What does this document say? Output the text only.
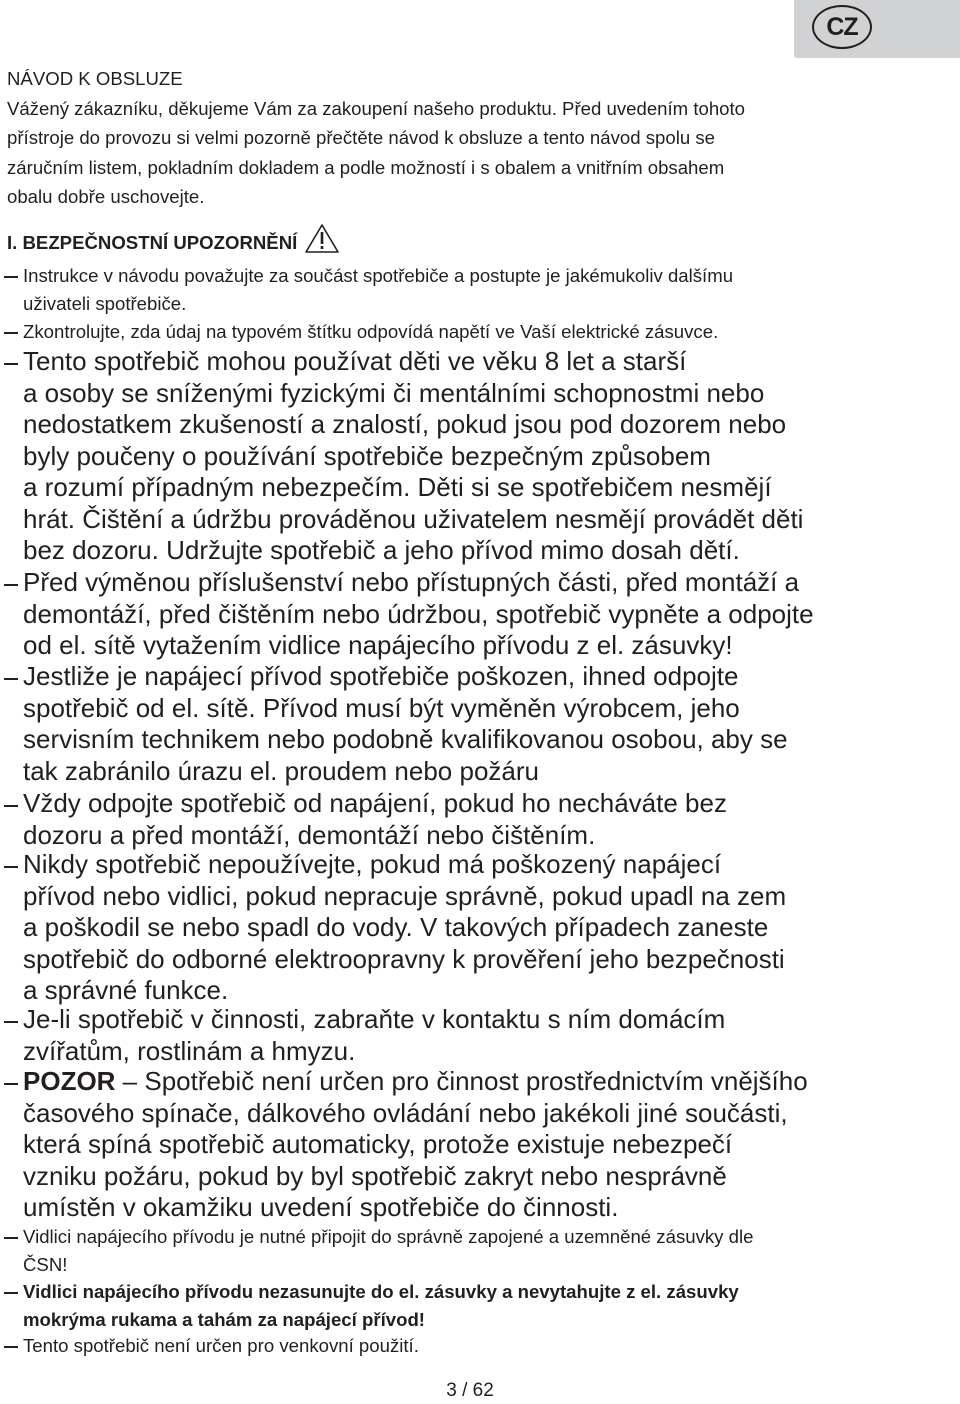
CZ

NÁVOD K OBSLUZE

Vážený zákazníku, děkujeme Vám za zakoupení našeho produktu. Před uvedením tohoto

přístroje do provozu si velmi pozorně přečtěte návod k obsluze a tento návod spolu se

záručním listem, pokladním dokladem a podle možností i s obalem a vnitřním obsahem

obalu dobře uschovejte.

I. BEZPEČNOSTNÍ UPOZORNĚNÍ
Instrukce v návodu považujte za součást spotřebiče a postupte je jakémukoliv dalšímu
uživateli spotřebiče.
Zkontrolujte, zda údaj na typovém štítku odpovídá napětí ve Vaší elektrické zásuvce.
Tento spotřebič mohou používat děti ve věku 8 let a starší
a osoby se sníženými fyzickými či mentálními schopnostmi nebo
nedostatkem zkušeností a znalostí, pokud jsou pod dozorem nebo
byly poučeny o používání spotřebiče bezpečným způsobem
a rozumí případným nebezpečím. Děti si se spotřebičem nesmějí
hrát. Čištění a údržbu prováděnou uživatelem nesmějí provádět děti
bez dozoru. Udržujte spotřebič a jeho přívod mimo dosah dětí.
Před výměnou příslušenství nebo přístupných části, před montáží a
demontáží, před čištěním nebo údržbou, spotřebič vypněte a odpojte
od el. sítě vytažením vidlice napájecího přívodu z el. zásuvky!
Jestliže je napájecí přívod spotřebiče poškozen, ihned odpojte
spotřebič od el. sítě. Přívod musí být vyměněn výrobcem, jeho
servisním technikem nebo podobně kvalifikovanou osobou, aby se
tak zabránilo úrazu el. proudem nebo požáru
Vždy odpojte spotřebič od napájení, pokud ho necháváte bez
dozoru a před montáží, demontáží nebo čištěním.
Nikdy spotřebič nepoužívejte, pokud má poškozený napájecí
přívod nebo vidlici, pokud nepracuje správně, pokud upadl na zem
a poškodil se nebo spadl do vody. V takových případech zaneste
spotřebič do odborné elektroopravny k prověření jeho bezpečnosti
a správné funkce.
Je-li spotřebič v činnosti, zabraňte v kontaktu s ním domácím
zvířatům, rostlinám a hmyzu.
POZOR – Spotřebič není určen pro činnost prostřednictvím vnějšího
časového spínače, dálkového ovládání nebo jakékoli jiné součásti,
která spíná spotřebič automaticky, protože existuje nebezpečí
vzniku požáru, pokud by byl spotřebič zakryt nebo nesprávně
umístěn v okamžiku uvedení spotřebiče do činnosti.
Vidlici napájecího přívodu je nutné připojit do správně zapojené a uzemněné zásuvky dle
ČSN!
Vidlici napájecího přívodu nezasunujte do el. zásuvky a nevytahujte z el. zásuvky
mokrýma rukama a tahám za napájecí přívod!
Tento spotřebič není určen pro venkovní použití.
3 / 62
